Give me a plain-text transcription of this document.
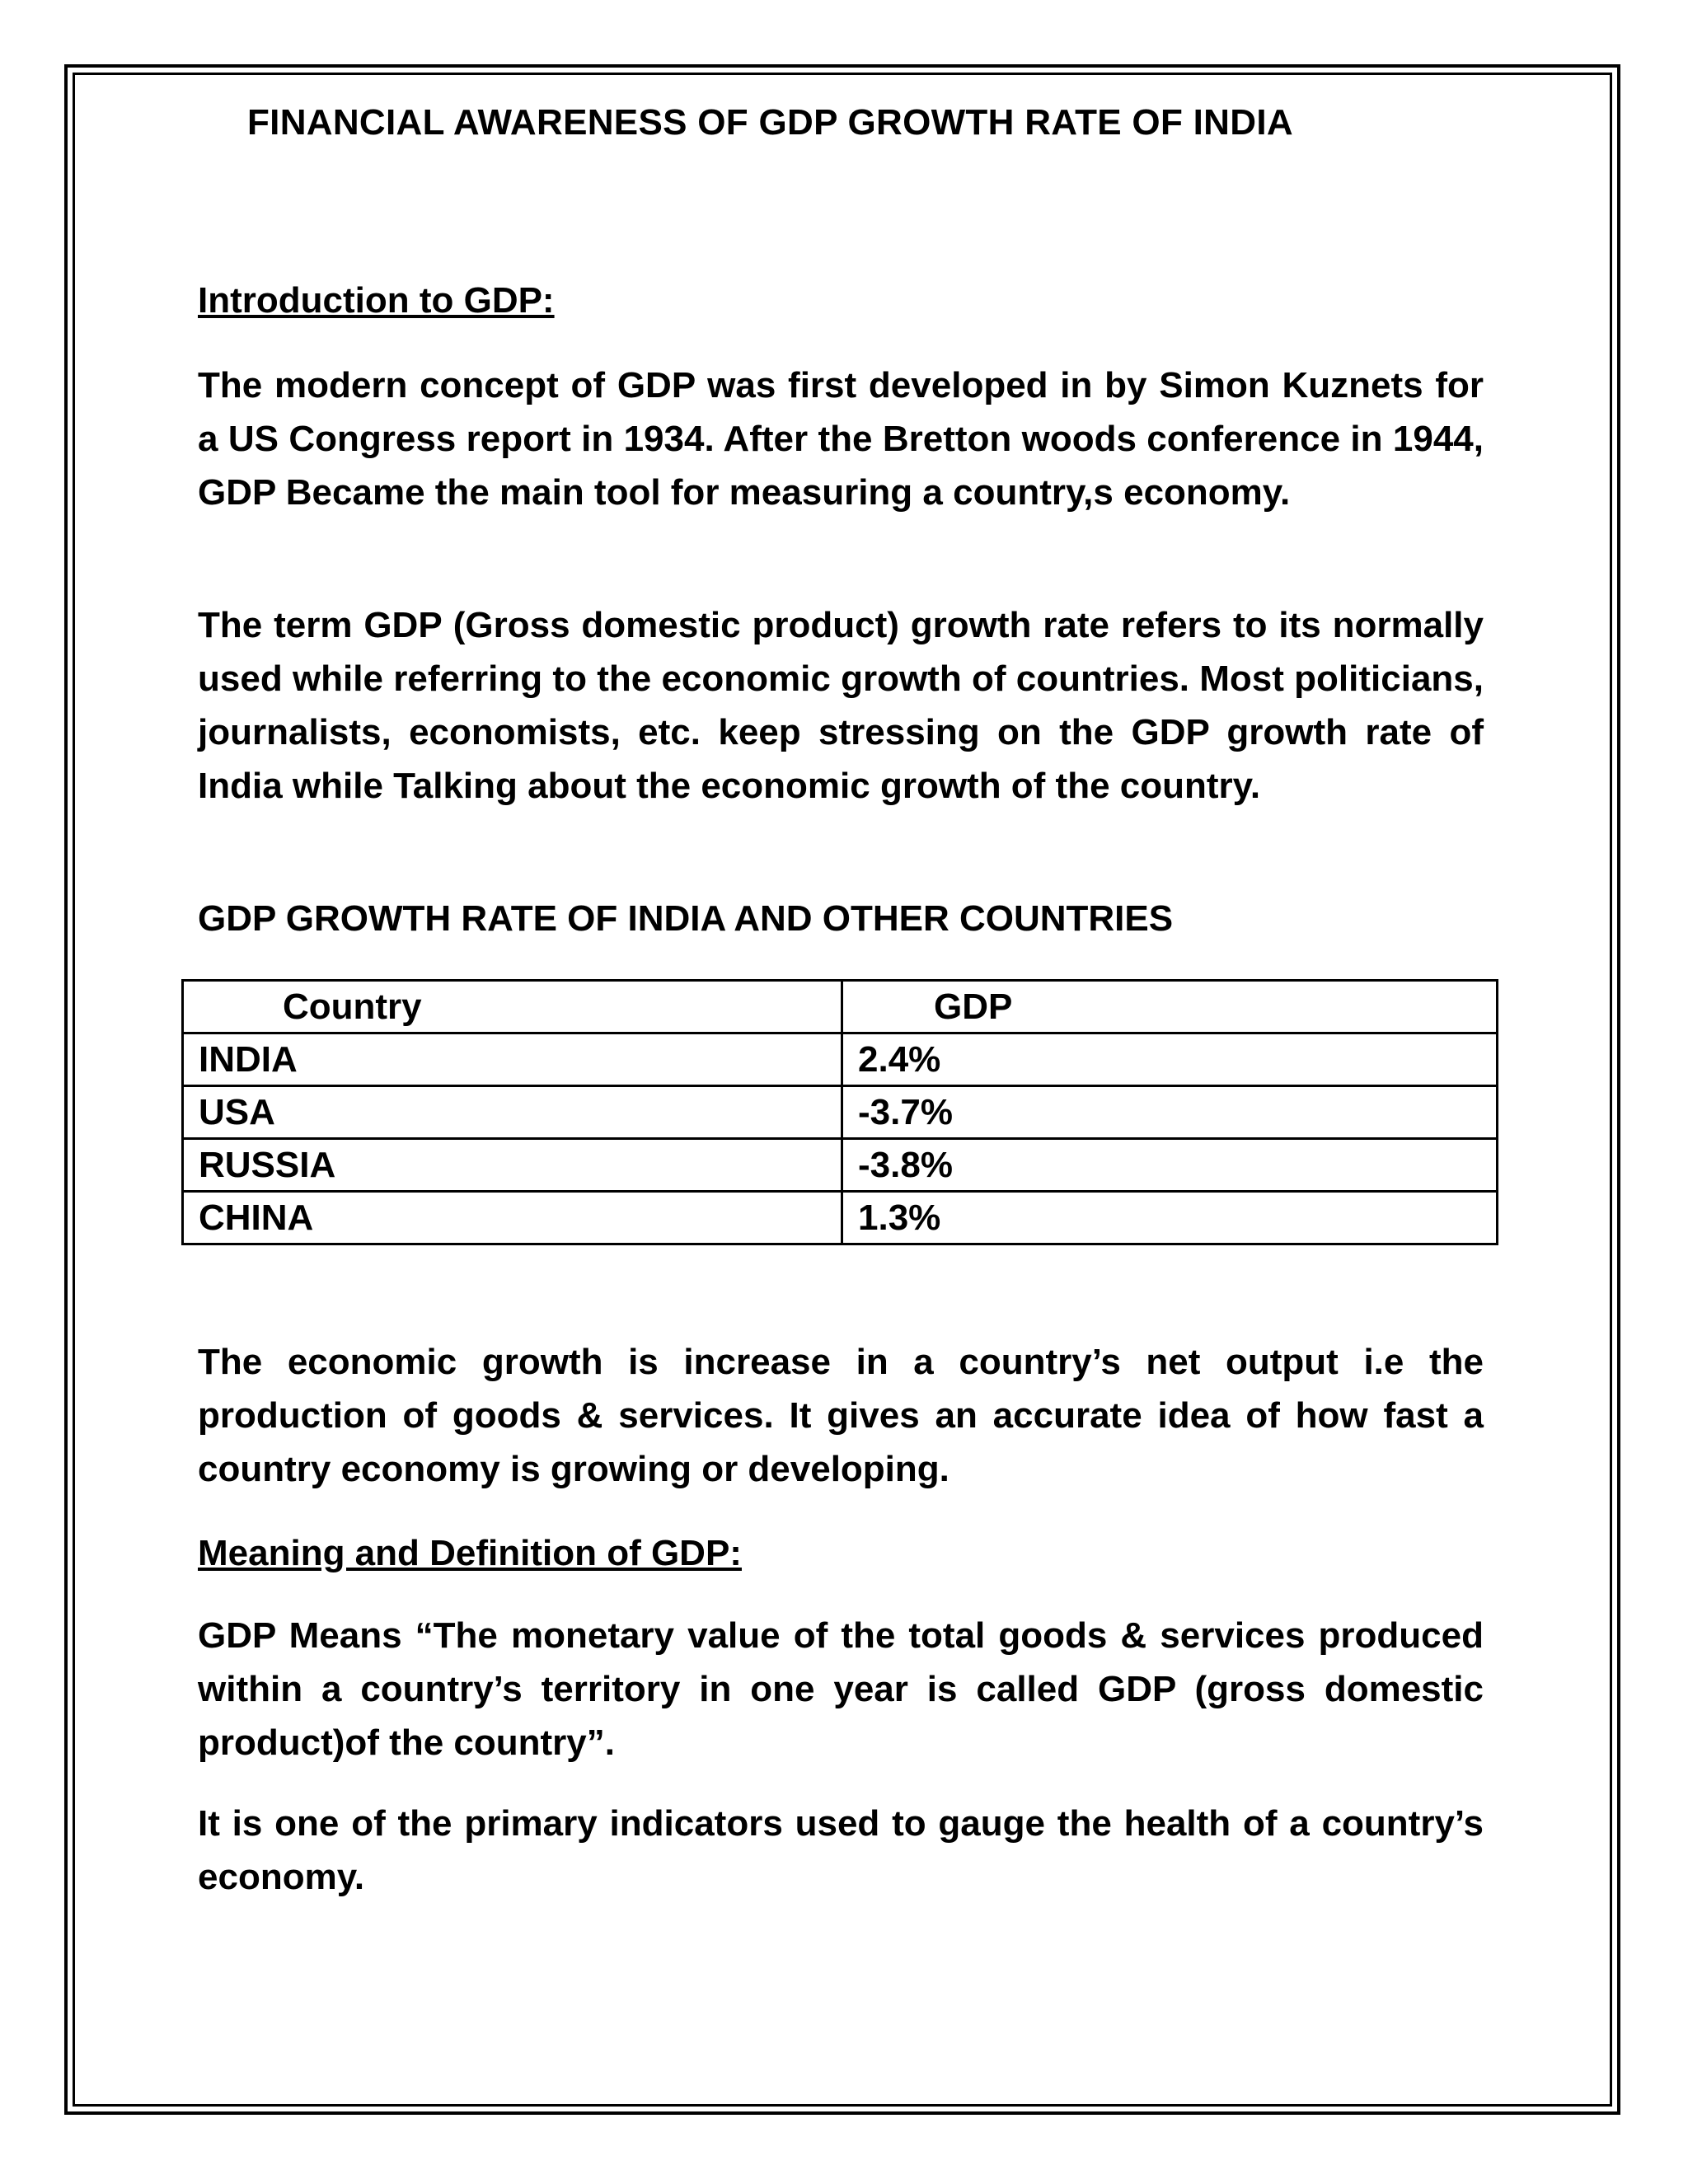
FINANCIAL AWARENESS OF GDP GROWTH RATE OF INDIA
Introduction to GDP:

The modern concept of GDP was first developed in by Simon Kuznets for a US Congress report in 1934. After the Bretton woods conference in 1944, GDP Became the main tool for measuring a country,s economy.

The term GDP (Gross domestic product) growth rate refers to its normally used while referring to the economic growth of countries. Most politicians, journalists, economists, etc. keep stressing on the GDP growth rate of India while Talking about the economic growth of the country.

GDP GROWTH RATE OF INDIA AND OTHER COUNTRIES
Country	GDP
INDIA	2.4%
USA	-3.7%
RUSSIA	-3.8%
CHINA	1.3%

The economic growth is increase in a country’s net output i.e the production of goods & services. It gives an accurate idea of how fast a country economy is growing or developing.

Meaning and Definition of GDP:

GDP Means “The monetary value of the total goods & services produced within a country’s territory in one year is called GDP (gross domestic product)of the country”.

It is one of the primary indicators used to gauge the health of a country’s economy.
